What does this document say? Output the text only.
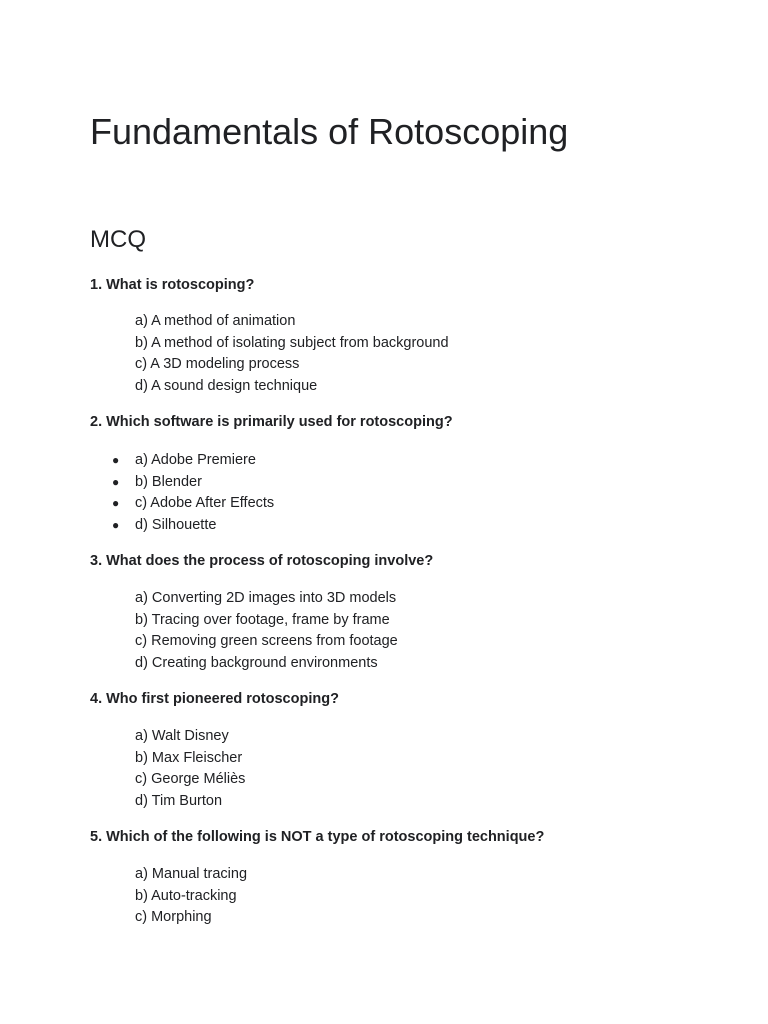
Fundamentals of Rotoscoping
MCQ

1. What is rotoscoping?

a) A method of animation
b) A method of isolating subject from background
c) A 3D modeling process
d) A sound design technique

2. Which software is primarily used for rotoscoping?

● a) Adobe Premiere
● b) Blender
● c) Adobe After Effects
● d) Silhouette

3. What does the process of rotoscoping involve?

a) Converting 2D images into 3D models
b) Tracing over footage, frame by frame
c) Removing green screens from footage
d) Creating background environments

4. Who first pioneered rotoscoping?

a) Walt Disney
b) Max Fleischer
c) George Méliès
d) Tim Burton

5. Which of the following is NOT a type of rotoscoping technique?

a) Manual tracing
b) Auto-tracking
c) Morphing
